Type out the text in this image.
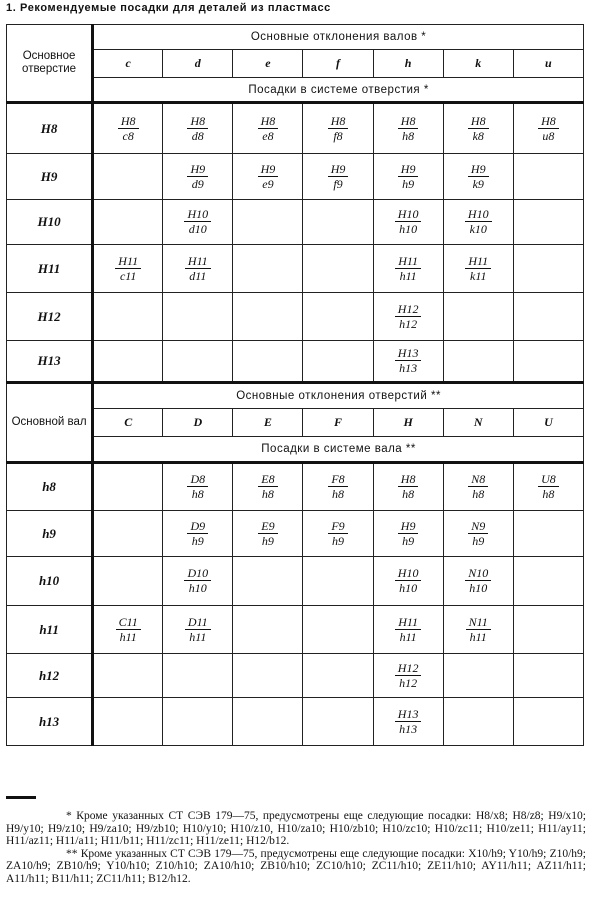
1. Рекомендуемые посадки для деталей из пластмасс
Основное отверстие	Основные отклонения валов *						
	c	d	e	f	h	k	u
	Посадки в системе отверстия *						
H8	$\frac{H8}{c8}$	$\frac{H8}{d8}$	$\frac{H8}{e8}$	$\frac{H8}{f8}$	$\frac{H8}{h8}$	$\frac{H8}{k8}$	$\frac{H8}{u8}$

H9		$\frac{H9}{d9}$	$\frac{H9}{e9}$	$\frac{H9}{f9}$	$\frac{H9}{h9}$	$\frac{H9}{k9}$

H10		$\frac{H10}{d10}$			$\frac{H10}{h10}$	$\frac{H10}{k10}$

H11	$\frac{H11}{c11}$	$\frac{H11}{d11}$			$\frac{H11}{h11}$	$\frac{H11}{k11}$

H12					$\frac{H12}{h12}$

H13					$\frac{H13}{h13}$

Основной вал	Основные отклонения отверстий **						
	C	D	E	F	H	N	U
	Посадки в системе вала **						
h8		$\frac{D8}{h8}$	$\frac{E8}{h8}$	$\frac{F8}{h8}$	$\frac{H8}{h8}$	$\frac{N8}{h8}$	$\frac{U8}{h8}$

h9		$\frac{D9}{h9}$	$\frac{E9}{h9}$	$\frac{F9}{h9}$	$\frac{H9}{h9}$	$\frac{N9}{h9}$

h10		$\frac{D10}{h10}$			$\frac{H10}{h10}$	$\frac{N10}{h10}$

h11	$\frac{C11}{h11}$	$\frac{D11}{h11}$			$\frac{H11}{h11}$	$\frac{N11}{h11}$

h12					$\frac{H12}{h12}$

h13					$\frac{H13}{h13}$

* Кроме указанных СТ СЭВ 179—75, предусмотрены еще следующие посадки: H8/x8; H8/z8; H9/x10; H9/y10; H9/z10; H9/za10; H9/zb10; H10/y10; H10/z10, H10/za10; H10/zb10; H10/zc10; H10/zc11; H10/ze11; H11/ay11; H11/az11; H11/a11; H11/b11; H11/zc11; H11/ze11; H12/b12.

** Кроме указанных СТ СЭВ 179—75, предусмотрены еще следующие посадки: X10/h9; Y10/h9; Z10/h9; ZA10/h9; ZB10/h9; Y10/h10; Z10/h10; ZA10/h10; ZB10/h10; ZC10/h10; ZC11/h10; ZE11/h10; AY11/h11; AZ11/h11; A11/h11; B11/h11; ZC11/h11; B12/h12.
